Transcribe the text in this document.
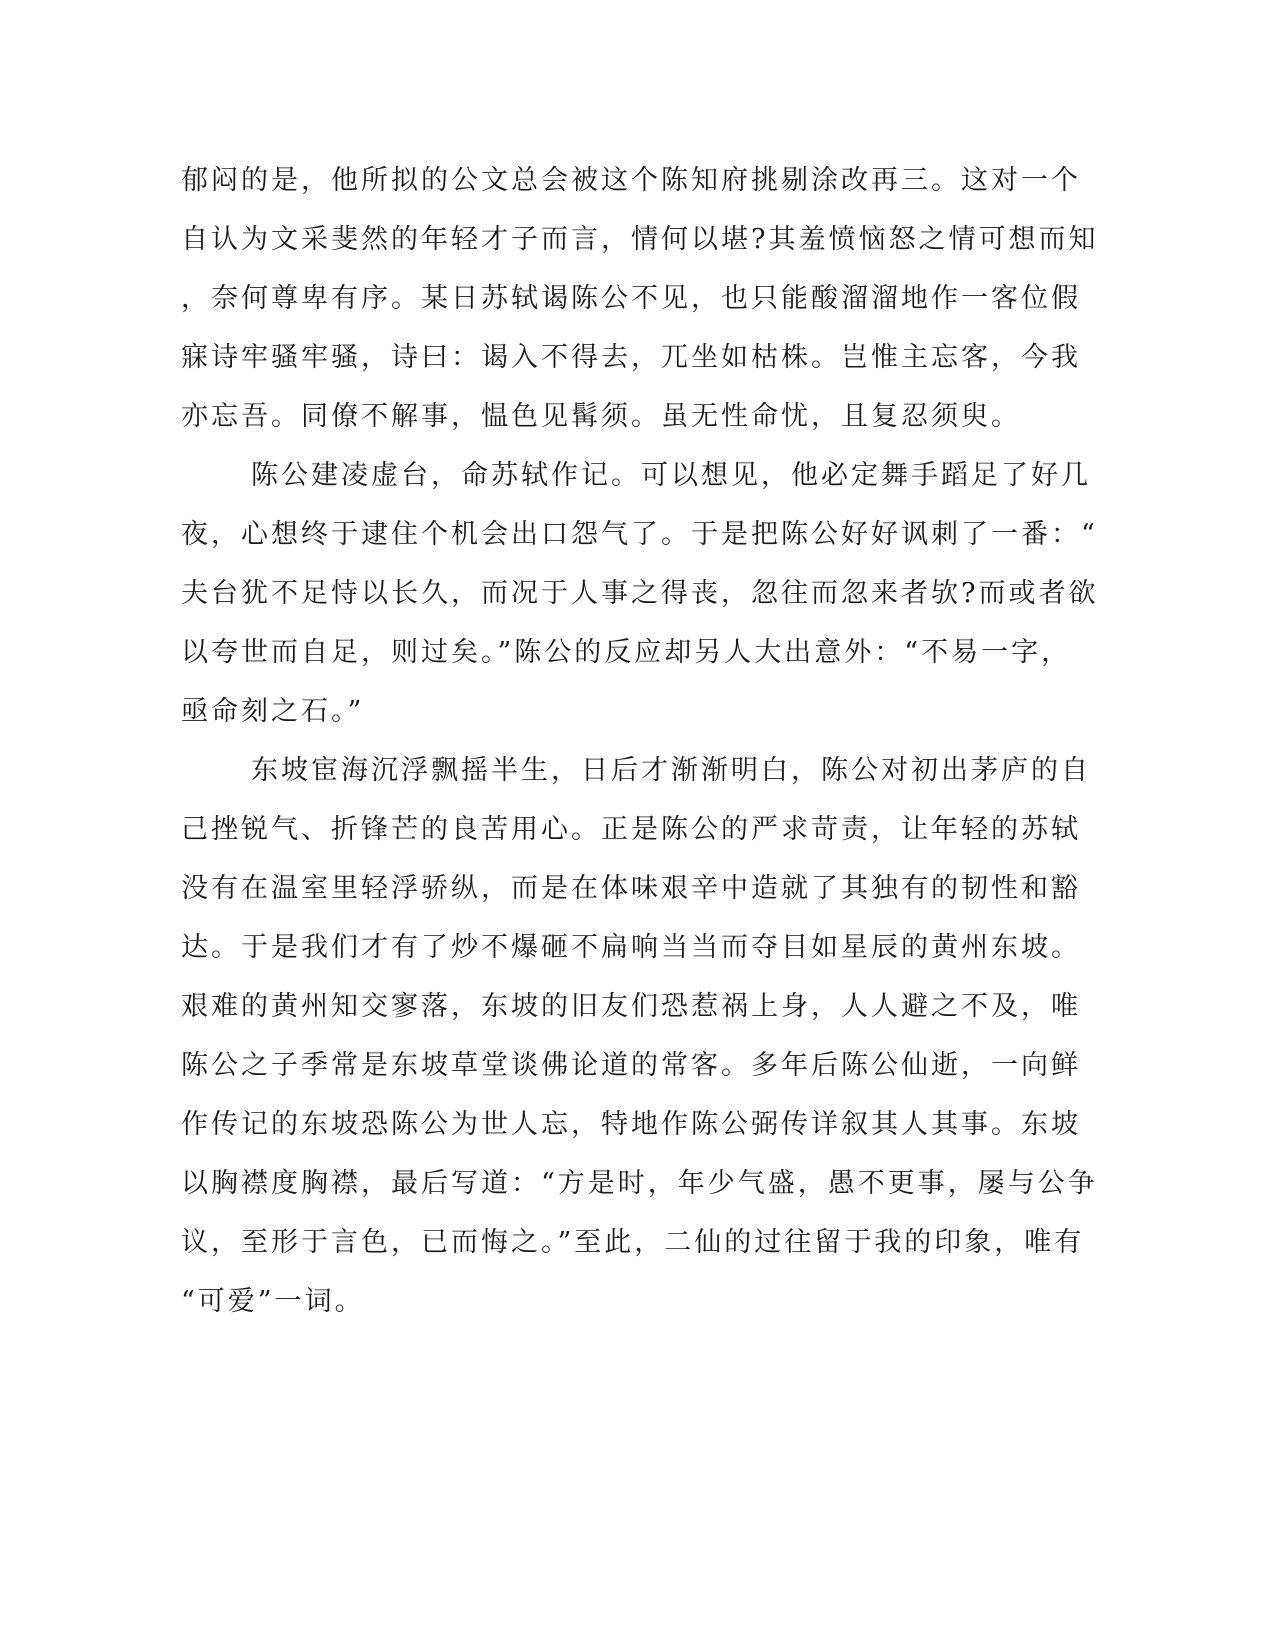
郁闷的是，他所拟的公文总会被这个陈知府挑剔涂改再三。这对一个
自认为文采斐然的年轻才子而言，情何以堪?其羞愤恼怒之情可想而知
，奈何尊卑有序。某日苏轼谒陈公不见，也只能酸溜溜地作一客位假
寐诗牢骚牢骚，诗曰：谒入不得去，兀坐如枯株。岂惟主忘客，今我
亦忘吾。同僚不解事，愠色见髯须。虽无性命忧，且复忍须臾。
陈公建凌虚台，命苏轼作记。可以想见，他必定舞手蹈足了好几
夜，心想终于逮住个机会出口怨气了。于是把陈公好好讽刺了一番：“
夫台犹不足恃以长久，而况于人事之得丧，忽往而忽来者欤?而或者欲
以夸世而自足，则过矣。”陈公的反应却另人大出意外：“不易一字，
亟命刻之石。”
东坡宦海沉浮飘摇半生，日后才渐渐明白，陈公对初出茅庐的自
己挫锐气、折锋芒的良苦用心。正是陈公的严求苛责，让年轻的苏轼
没有在温室里轻浮骄纵，而是在体味艰辛中造就了其独有的韧性和豁
达。于是我们才有了炒不爆砸不扁响当当而夺目如星辰的黄州东坡。
艰难的黄州知交寥落，东坡的旧友们恐惹祸上身，人人避之不及，唯
陈公之子季常是东坡草堂谈佛论道的常客。多年后陈公仙逝，一向鲜
作传记的东坡恐陈公为世人忘，特地作陈公弼传详叙其人其事。东坡
以胸襟度胸襟，最后写道：“方是时，年少气盛，愚不更事，屡与公争
议，至形于言色，已而悔之。”至此，二仙的过往留于我的印象，唯有
“可爱”一词。
